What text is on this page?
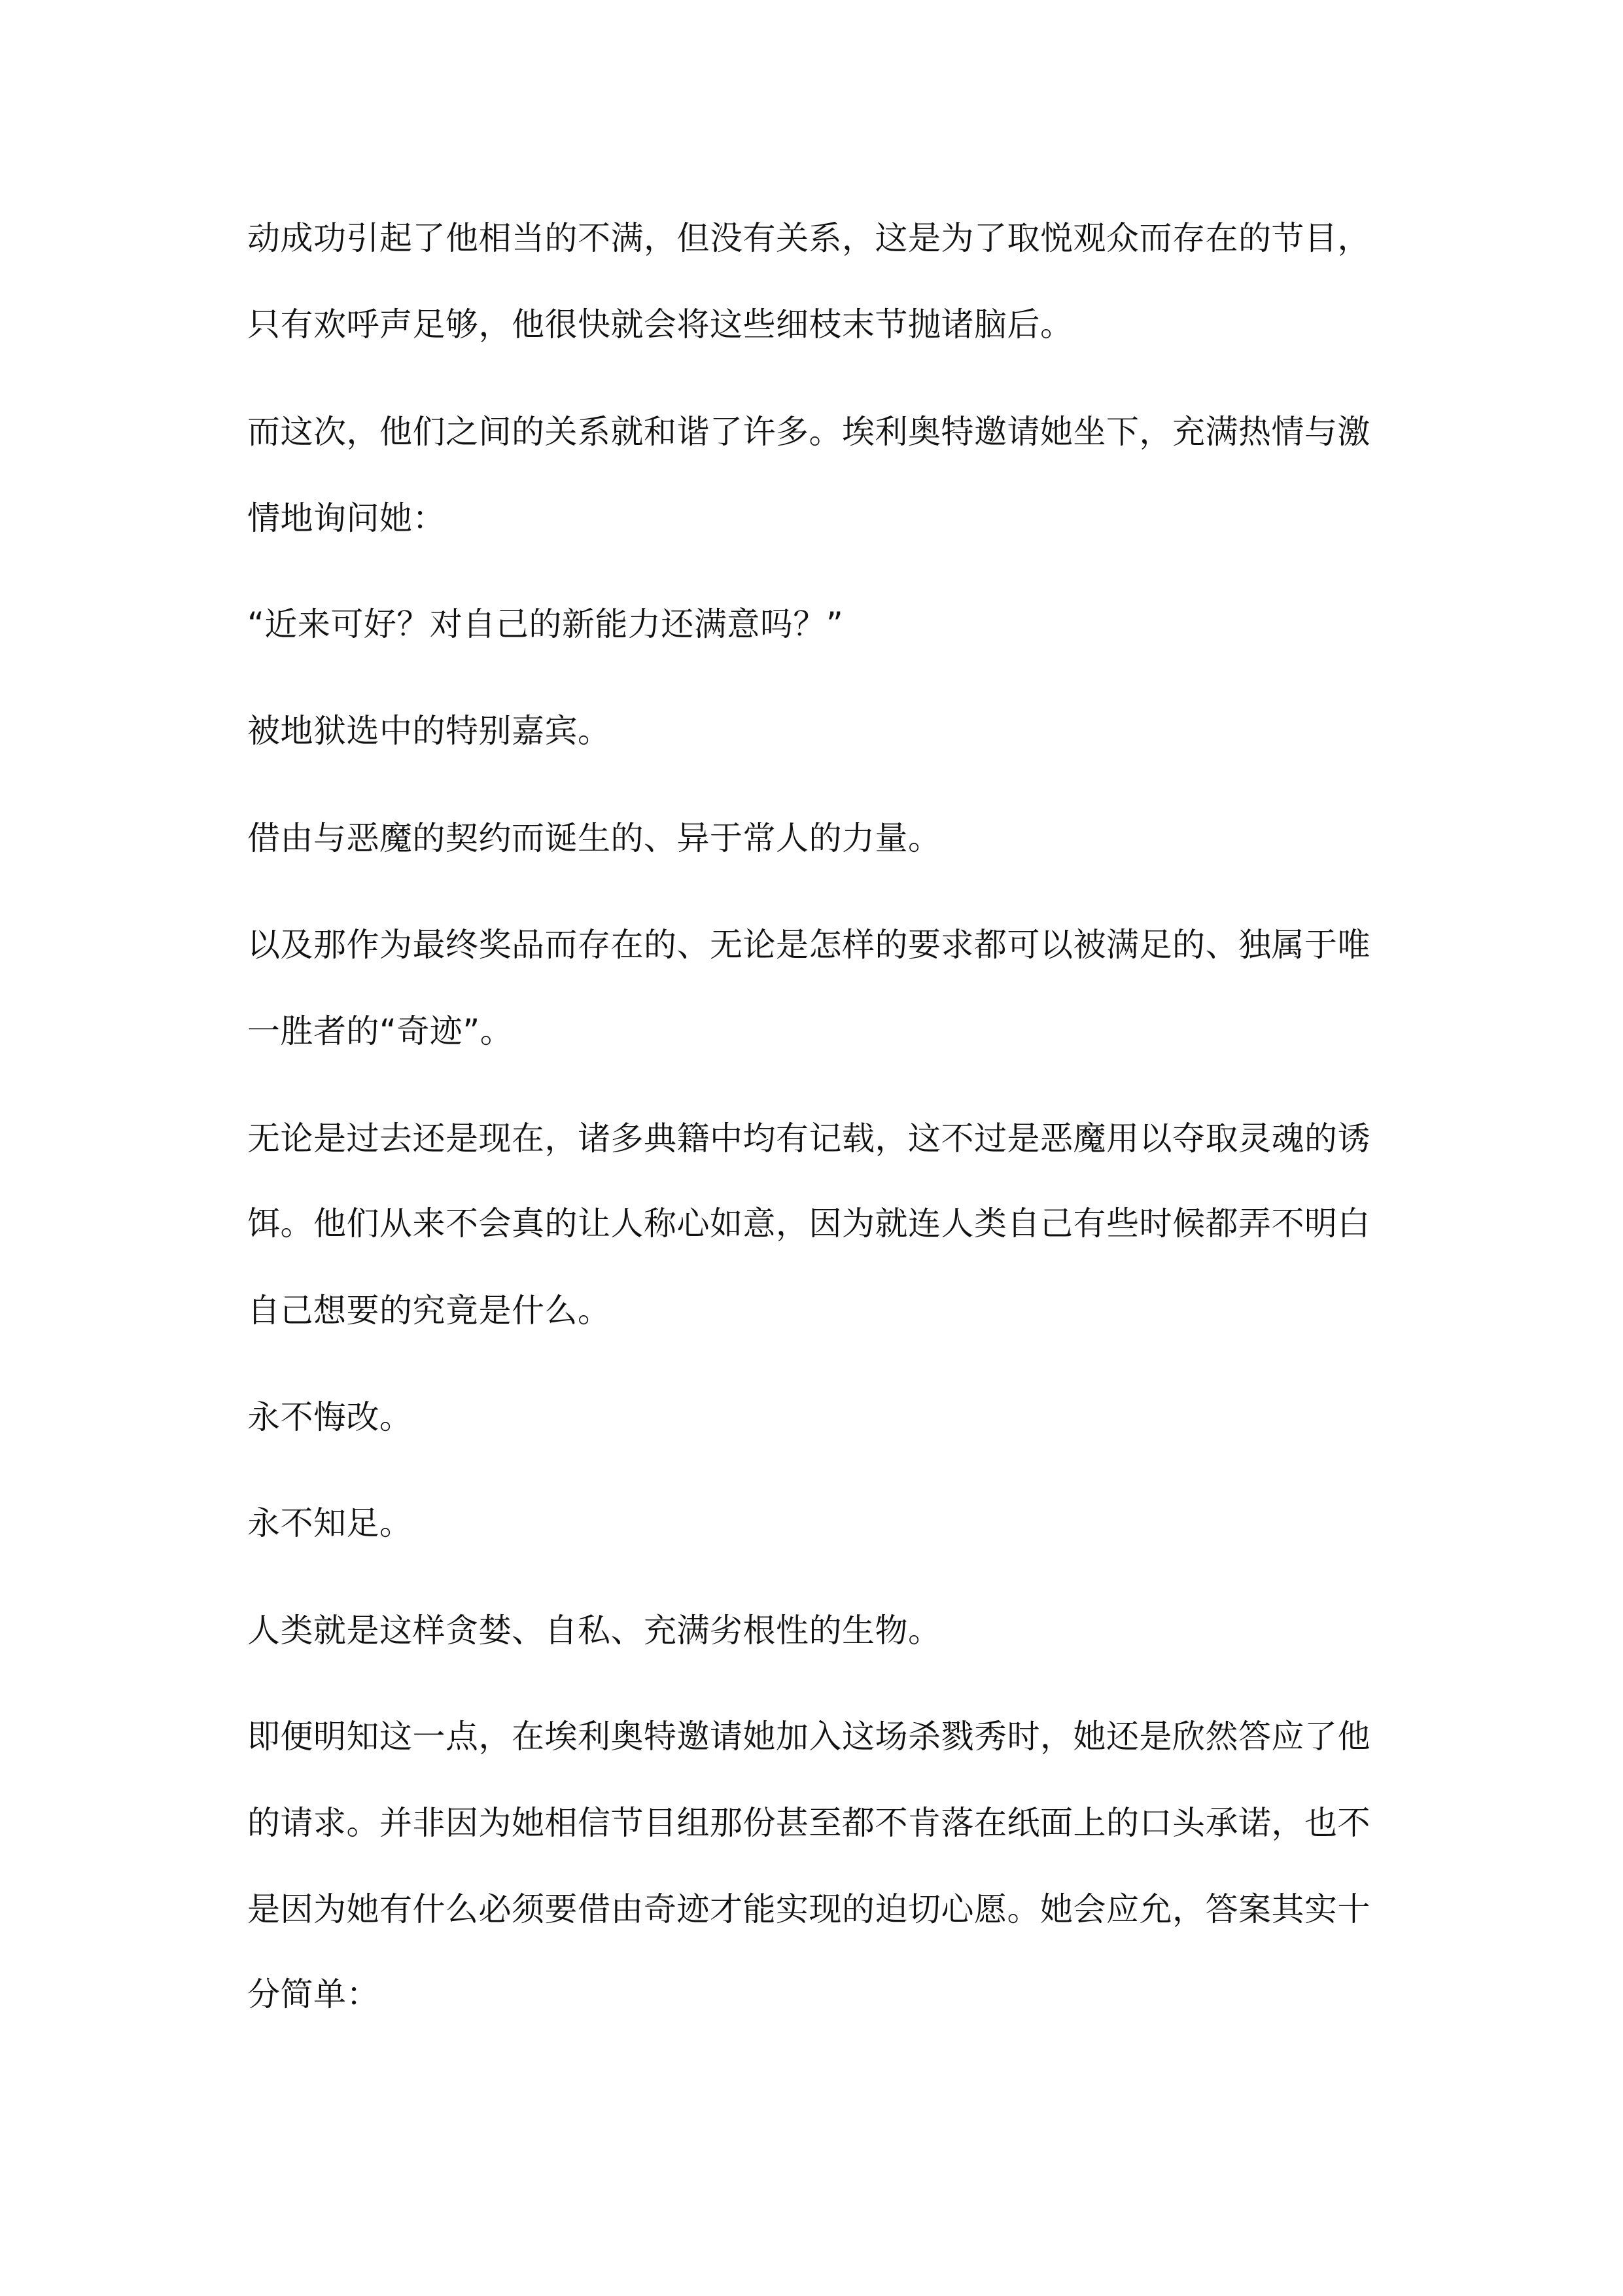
动成功引起了他相当的不满，但没有关系，这是为了取悦观众而存在的节目，
只有欢呼声足够，他很快就会将这些细枝末节抛诸脑后。
而这次，他们之间的关系就和谐了许多。埃利奥特邀请她坐下，充满热情与激
情地询问她：
“近来可好？对自己的新能力还满意吗？”
被地狱选中的特别嘉宾。
借由与恶魔的契约而诞生的、异于常人的力量。
以及那作为最终奖品而存在的、无论是怎样的要求都可以被满足的、独属于唯
一胜者的“奇迹”。
无论是过去还是现在，诸多典籍中均有记载，这不过是恶魔用以夺取灵魂的诱
饵。他们从来不会真的让人称心如意，因为就连人类自己有些时候都弄不明白
自己想要的究竟是什么。
永不悔改。
永不知足。
人类就是这样贪婪、自私、充满劣根性的生物。
即便明知这一点，在埃利奥特邀请她加入这场杀戮秀时，她还是欣然答应了他
的请求。并非因为她相信节目组那份甚至都不肯落在纸面上的口头承诺，也不
是因为她有什么必须要借由奇迹才能实现的迫切心愿。她会应允，答案其实十
分简单：
